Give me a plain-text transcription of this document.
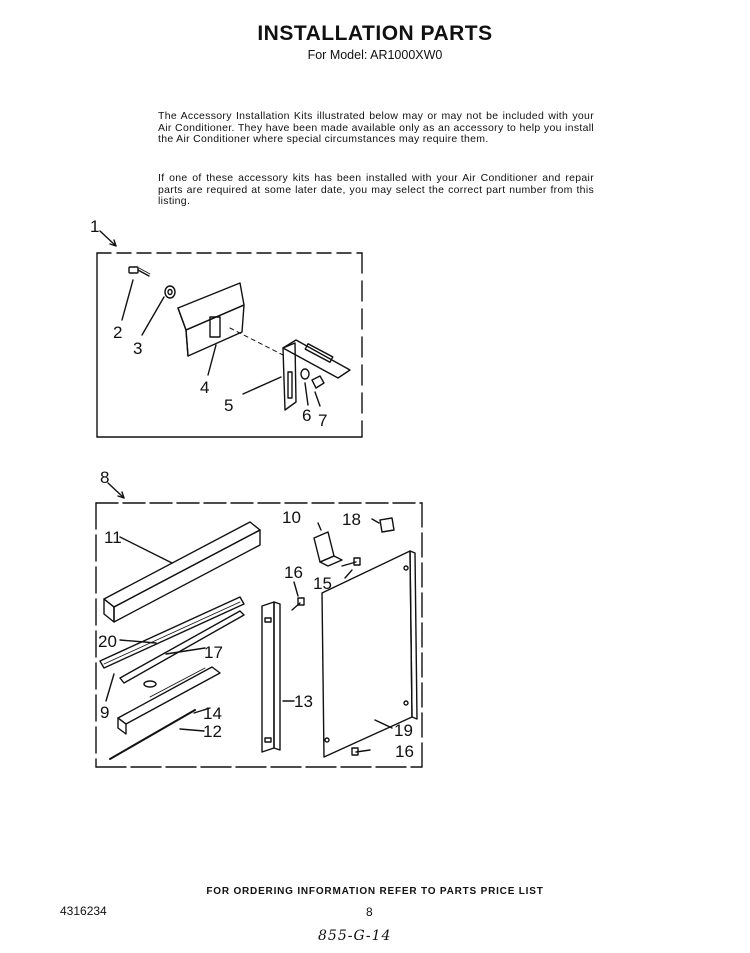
INSTALLATION PARTS
For Model: AR1000XW0
The Accessory Installation Kits illustrated below may or may not be included with your Air Conditioner. They have been made available only as an accessory to help you install the Air Conditioner where special circumstances may require them.
If one of these accessory kits has been installed with your Air Conditioner and repair parts are required at some later date, you may select the correct part number from this listing.
1
2
3
4
5
6 7
8
10 18
11
16
15
20
17
13
9	14
12	19
16
FOR ORDERING INFORMATION REFER TO PARTS PRICE LIST
4316234	8
855-G-14
